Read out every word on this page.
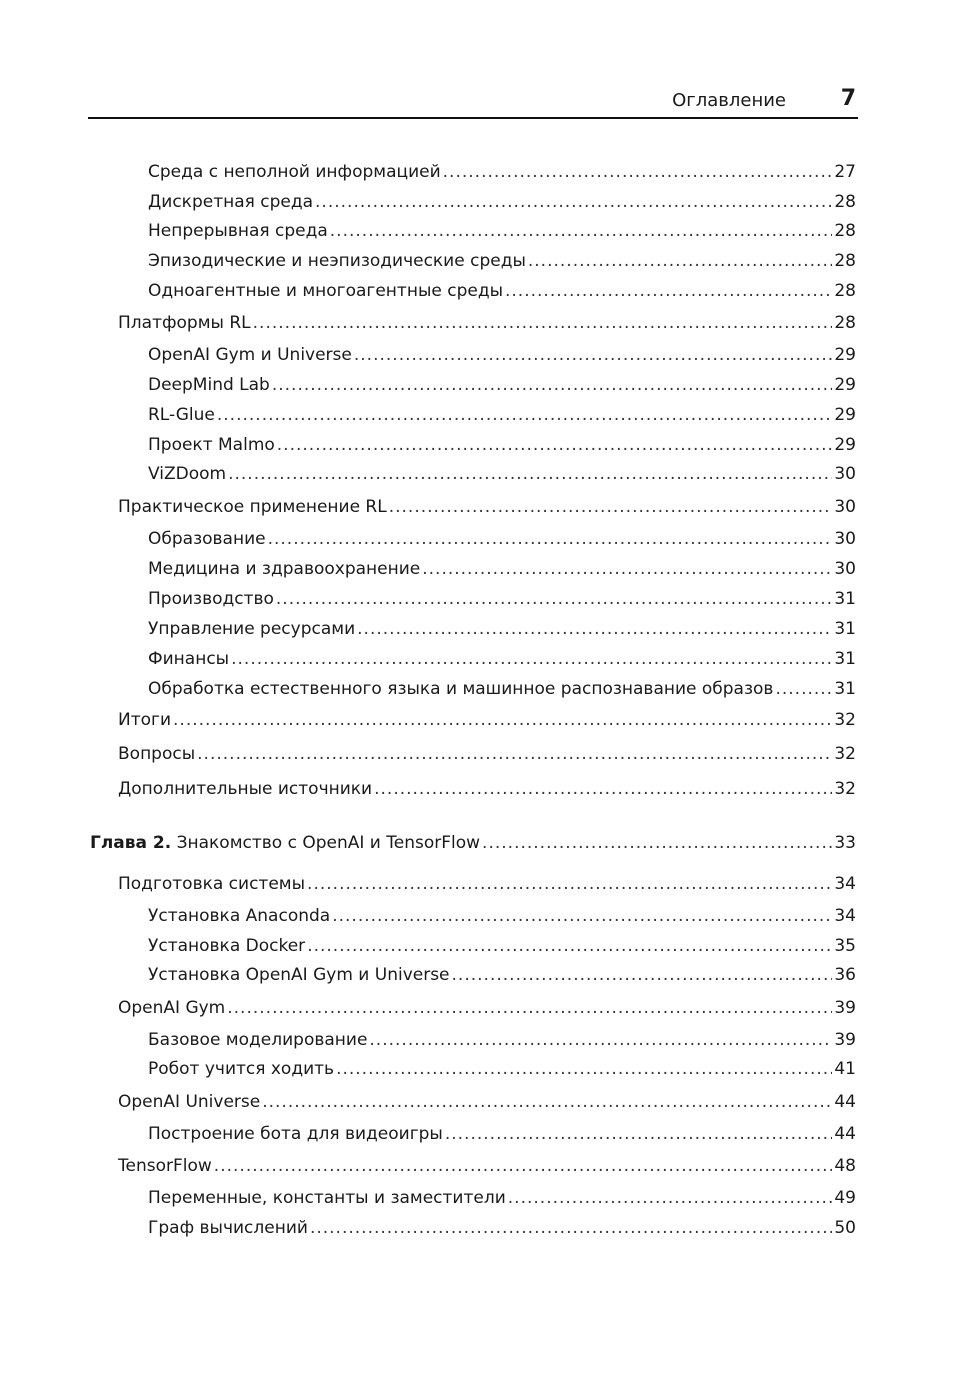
Оглавление 7
Среда с неполной информацией .....	27
Дискретная среда .....	28
Непрерывная среда .....	28
Эпизодические и неэпизодические среды .....	28
Одноагентные и многоагентные среды .....	28
Платформы RL .....	28
OpenAI Gym и Universe .....	29
DeepMind Lab .....	29
RL-Glue .....	29
Проект Malmo .....	29
ViZDoom .....	30
Практическое применение RL .....	30
Образование .....	30
Медицина и здравоохранение .....	30
Производство .....	31
Управление ресурсами .....	31
Финансы .....	31
Обработка естественного языка и машинное распознавание образов .....	31
Итоги .....	32
Вопросы .....	32
Дополнительные источники .....	32
Глава 2. Знакомство с OpenAI и TensorFlow .....	33
Подготовка системы .....	34
Установка Anaconda .....	34
Установка Docker .....	35
Установка OpenAI Gym и Universe .....	36
OpenAI Gym .....	39
Базовое моделирование .....	39
Робот учится ходить .....	41
OpenAI Universe .....	44
Построение бота для видеоигры .....	44
TensorFlow .....	48
Переменные, константы и заместители .....	49
Граф вычислений .....	50
